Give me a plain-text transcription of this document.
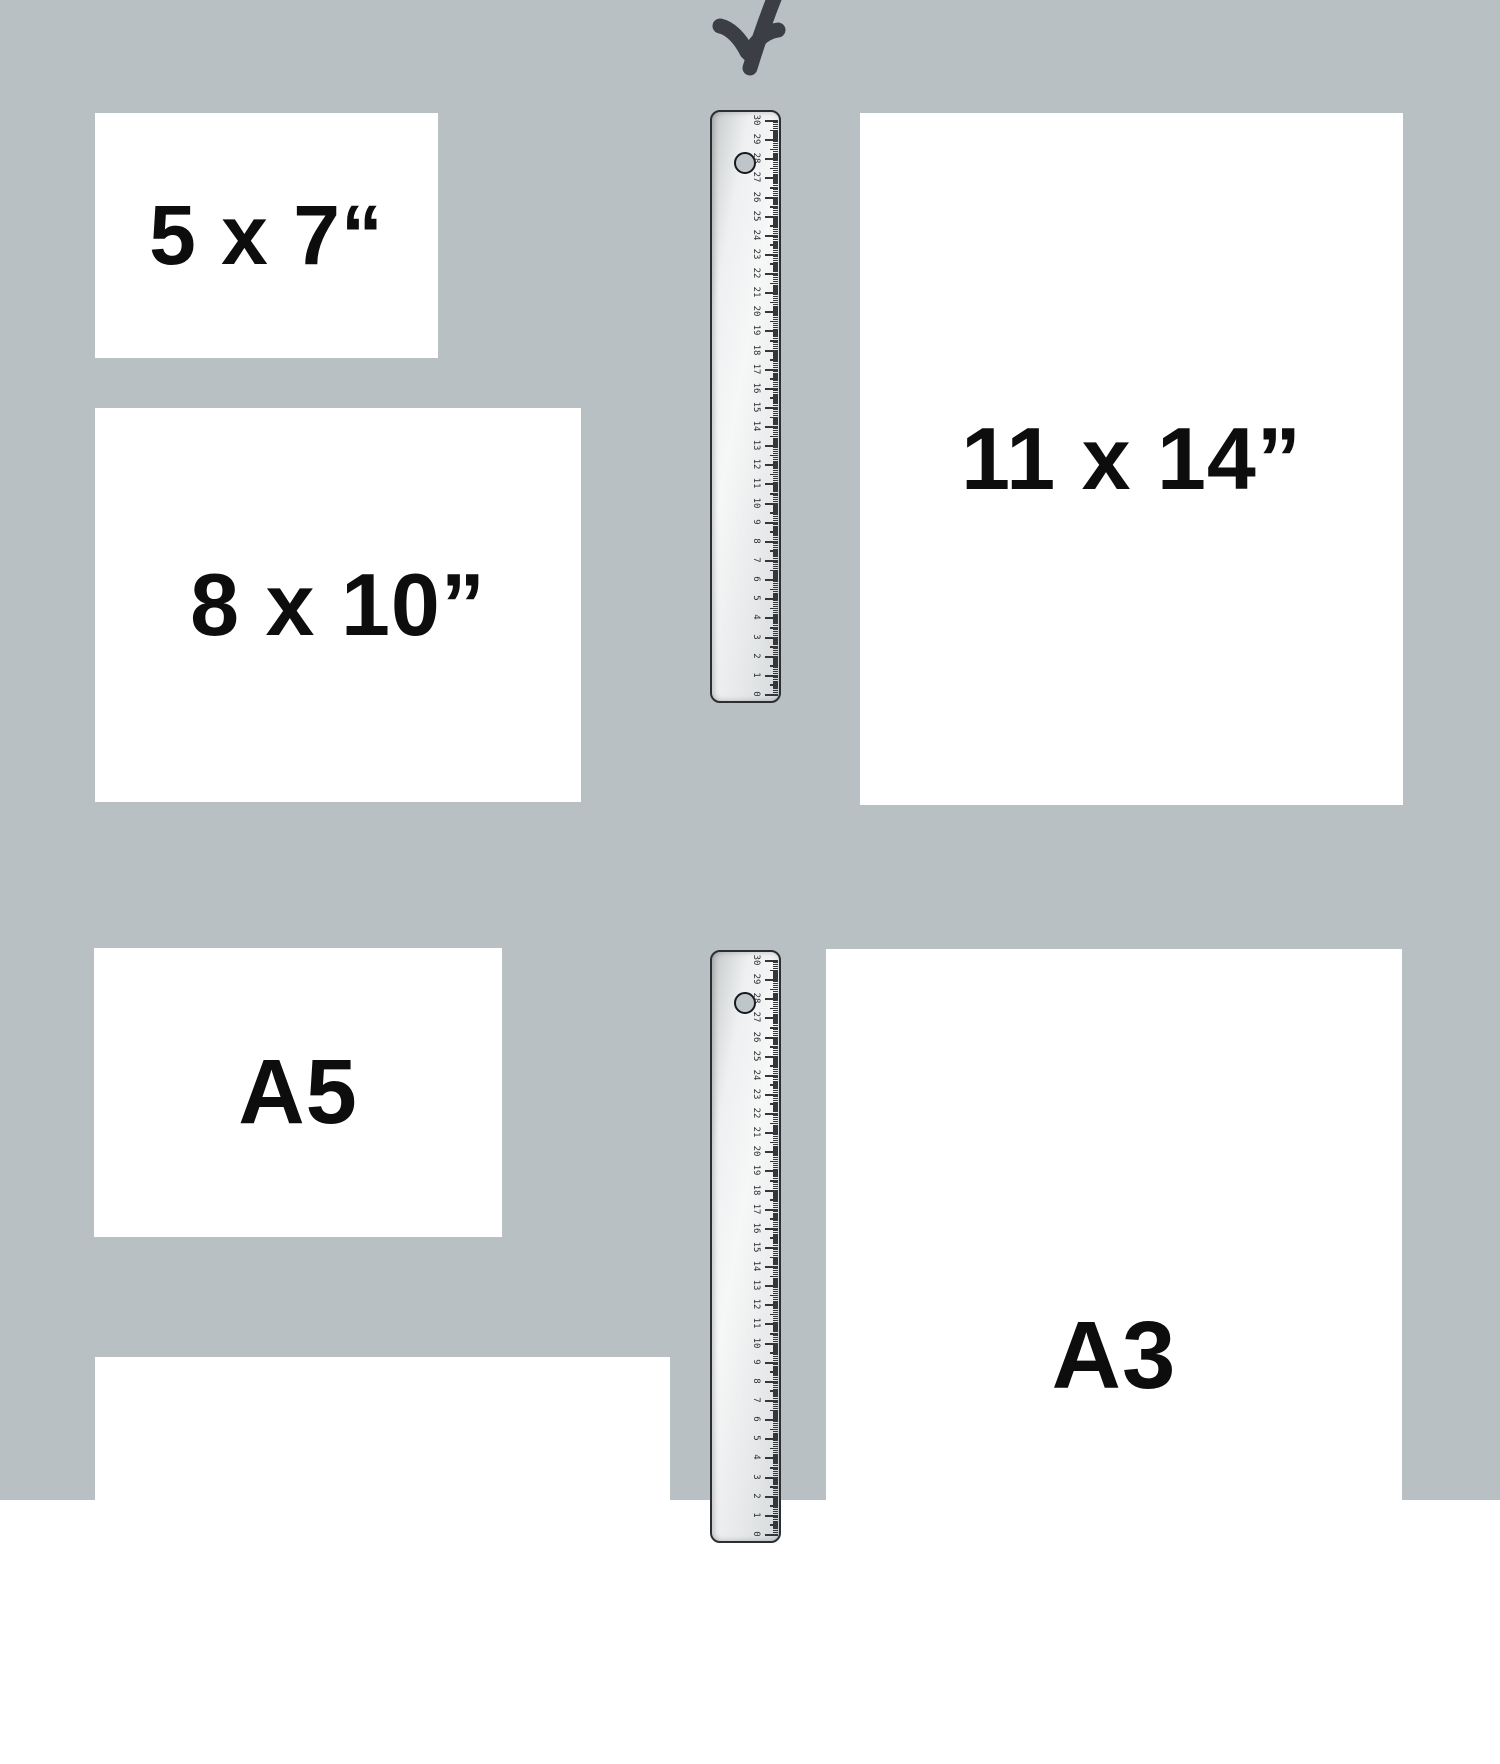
5 x 7“
8 x 10”
11 x 14”
A5
A3
0
1
2
3
4
5
6
7
8
9
10
11
12
13
14
15
16
17
18
19
20
21
22
23
24
25
26
27
28
29
30
0
1
2
3
4
5
6
7
8
9
10
11
12
13
14
15
16
17
18
19
20
21
22
23
24
25
26
27
28
29
30
